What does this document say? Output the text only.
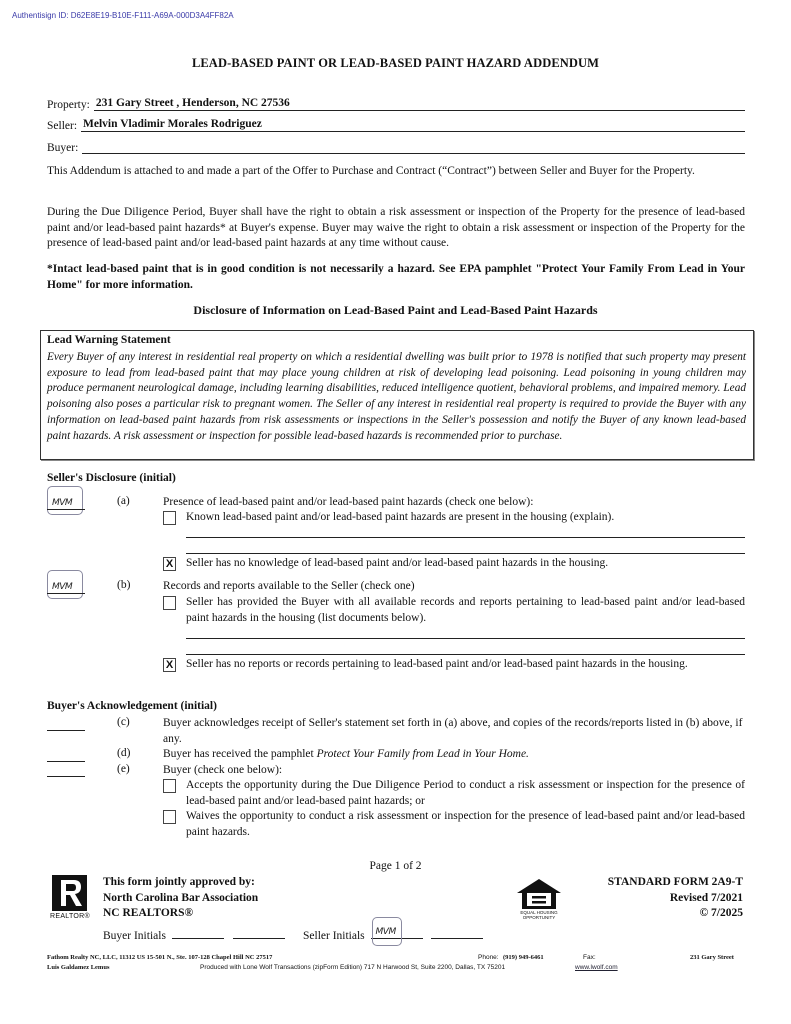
Authentisign ID: D62E8E19-B10E-F111-A69A-000D3A4FF82A
LEAD-BASED PAINT OR LEAD-BASED PAINT HAZARD ADDENDUM
Property: 231 Gary Street , Henderson, NC 27536
Seller: Melvin Vladimir Morales Rodriguez
Buyer:
This Addendum is attached to and made a part of the Offer to Purchase and Contract (“Contract”) between Seller and Buyer for the Property.
During the Due Diligence Period, Buyer shall have the right to obtain a risk assessment or inspection of the Property for the presence of lead-based paint and/or lead-based paint hazards* at Buyer's expense. Buyer may waive the right to obtain a risk assessment or inspection of the Property for the presence of lead-based paint and/or lead-based paint hazards at any time without cause.
*Intact lead-based paint that is in good condition is not necessarily a hazard. See EPA pamphlet "Protect Your Family From Lead in Your Home" for more information.
Disclosure of Information on Lead-Based Paint and Lead-Based Paint Hazards
Lead Warning Statement
Every Buyer of any interest in residential real property on which a residential dwelling was built prior to 1978 is notified that such property may present exposure to lead from lead-based paint that may place young children at risk of developing lead poisoning. Lead poisoning in young children may produce permanent neurological damage, including learning disabilities, reduced intelligence quotient, behavioral problems, and impaired memory. Lead poisoning also poses a particular risk to pregnant women. The Seller of any interest in residential real property is required to provide the Buyer with any information on lead-based paint hazards from risk assessments or inspections in the Seller's possession and notify the Buyer of any known lead-based paint hazards. A risk assessment or inspection for possible lead-based hazards is recommended prior to purchase.
Seller's Disclosure (initial)
MVM	(a)	Presence of lead-based paint and/or lead-based paint hazards (check one below):
Known lead-based paint and/or lead-based paint hazards are present in the housing (explain).
X Seller has no knowledge of lead-based paint and/or lead-based paint hazards in the housing.
MVM	(b)	Records and reports available to the Seller (check one)
Seller has provided the Buyer with all available records and reports pertaining to lead-based paint and/or lead-based paint hazards in the housing (list documents below).
X Seller has no reports or records pertaining to lead-based paint and/or lead-based paint hazards in the housing.
Buyer's Acknowledgement (initial)
(c)	Buyer acknowledges receipt of Seller's statement set forth in (a) above, and copies of the records/reports listed in (b) above, if any.
(d)	Buyer has received the pamphlet Protect Your Family from Lead in Your Home.
(e)	Buyer (check one below):
Accepts the opportunity during the Due Diligence Period to conduct a risk assessment or inspection for the presence of lead-based paint and/or lead-based paint hazards; or
Waives the opportunity to conduct a risk assessment or inspection for the presence of lead-based paint and/or lead-based paint hazards.
Page 1 of 2
REALTOR®
This form jointly approved by:
North Carolina Bar Association
NC REALTORS®	EQUAL HOUSING
OPPORTUNITY
STANDARD FORM 2A9-T
Revised 7/2021
© 7/2025
Buyer Initials	Seller Initials MVM

Fathom Realty NC, LLC, 11312 US 15-501 N., Ste. 107-128 Chapel Hill NC 27517	Phone: (919) 949-6461	Fax:	231 Gary Street
Luis Galdamez Lemus	Produced with Lone Wolf Transactions (zipForm Edition) 717 N Harwood St, Suite 2200, Dallas, TX 75201	www.lwolf.com
